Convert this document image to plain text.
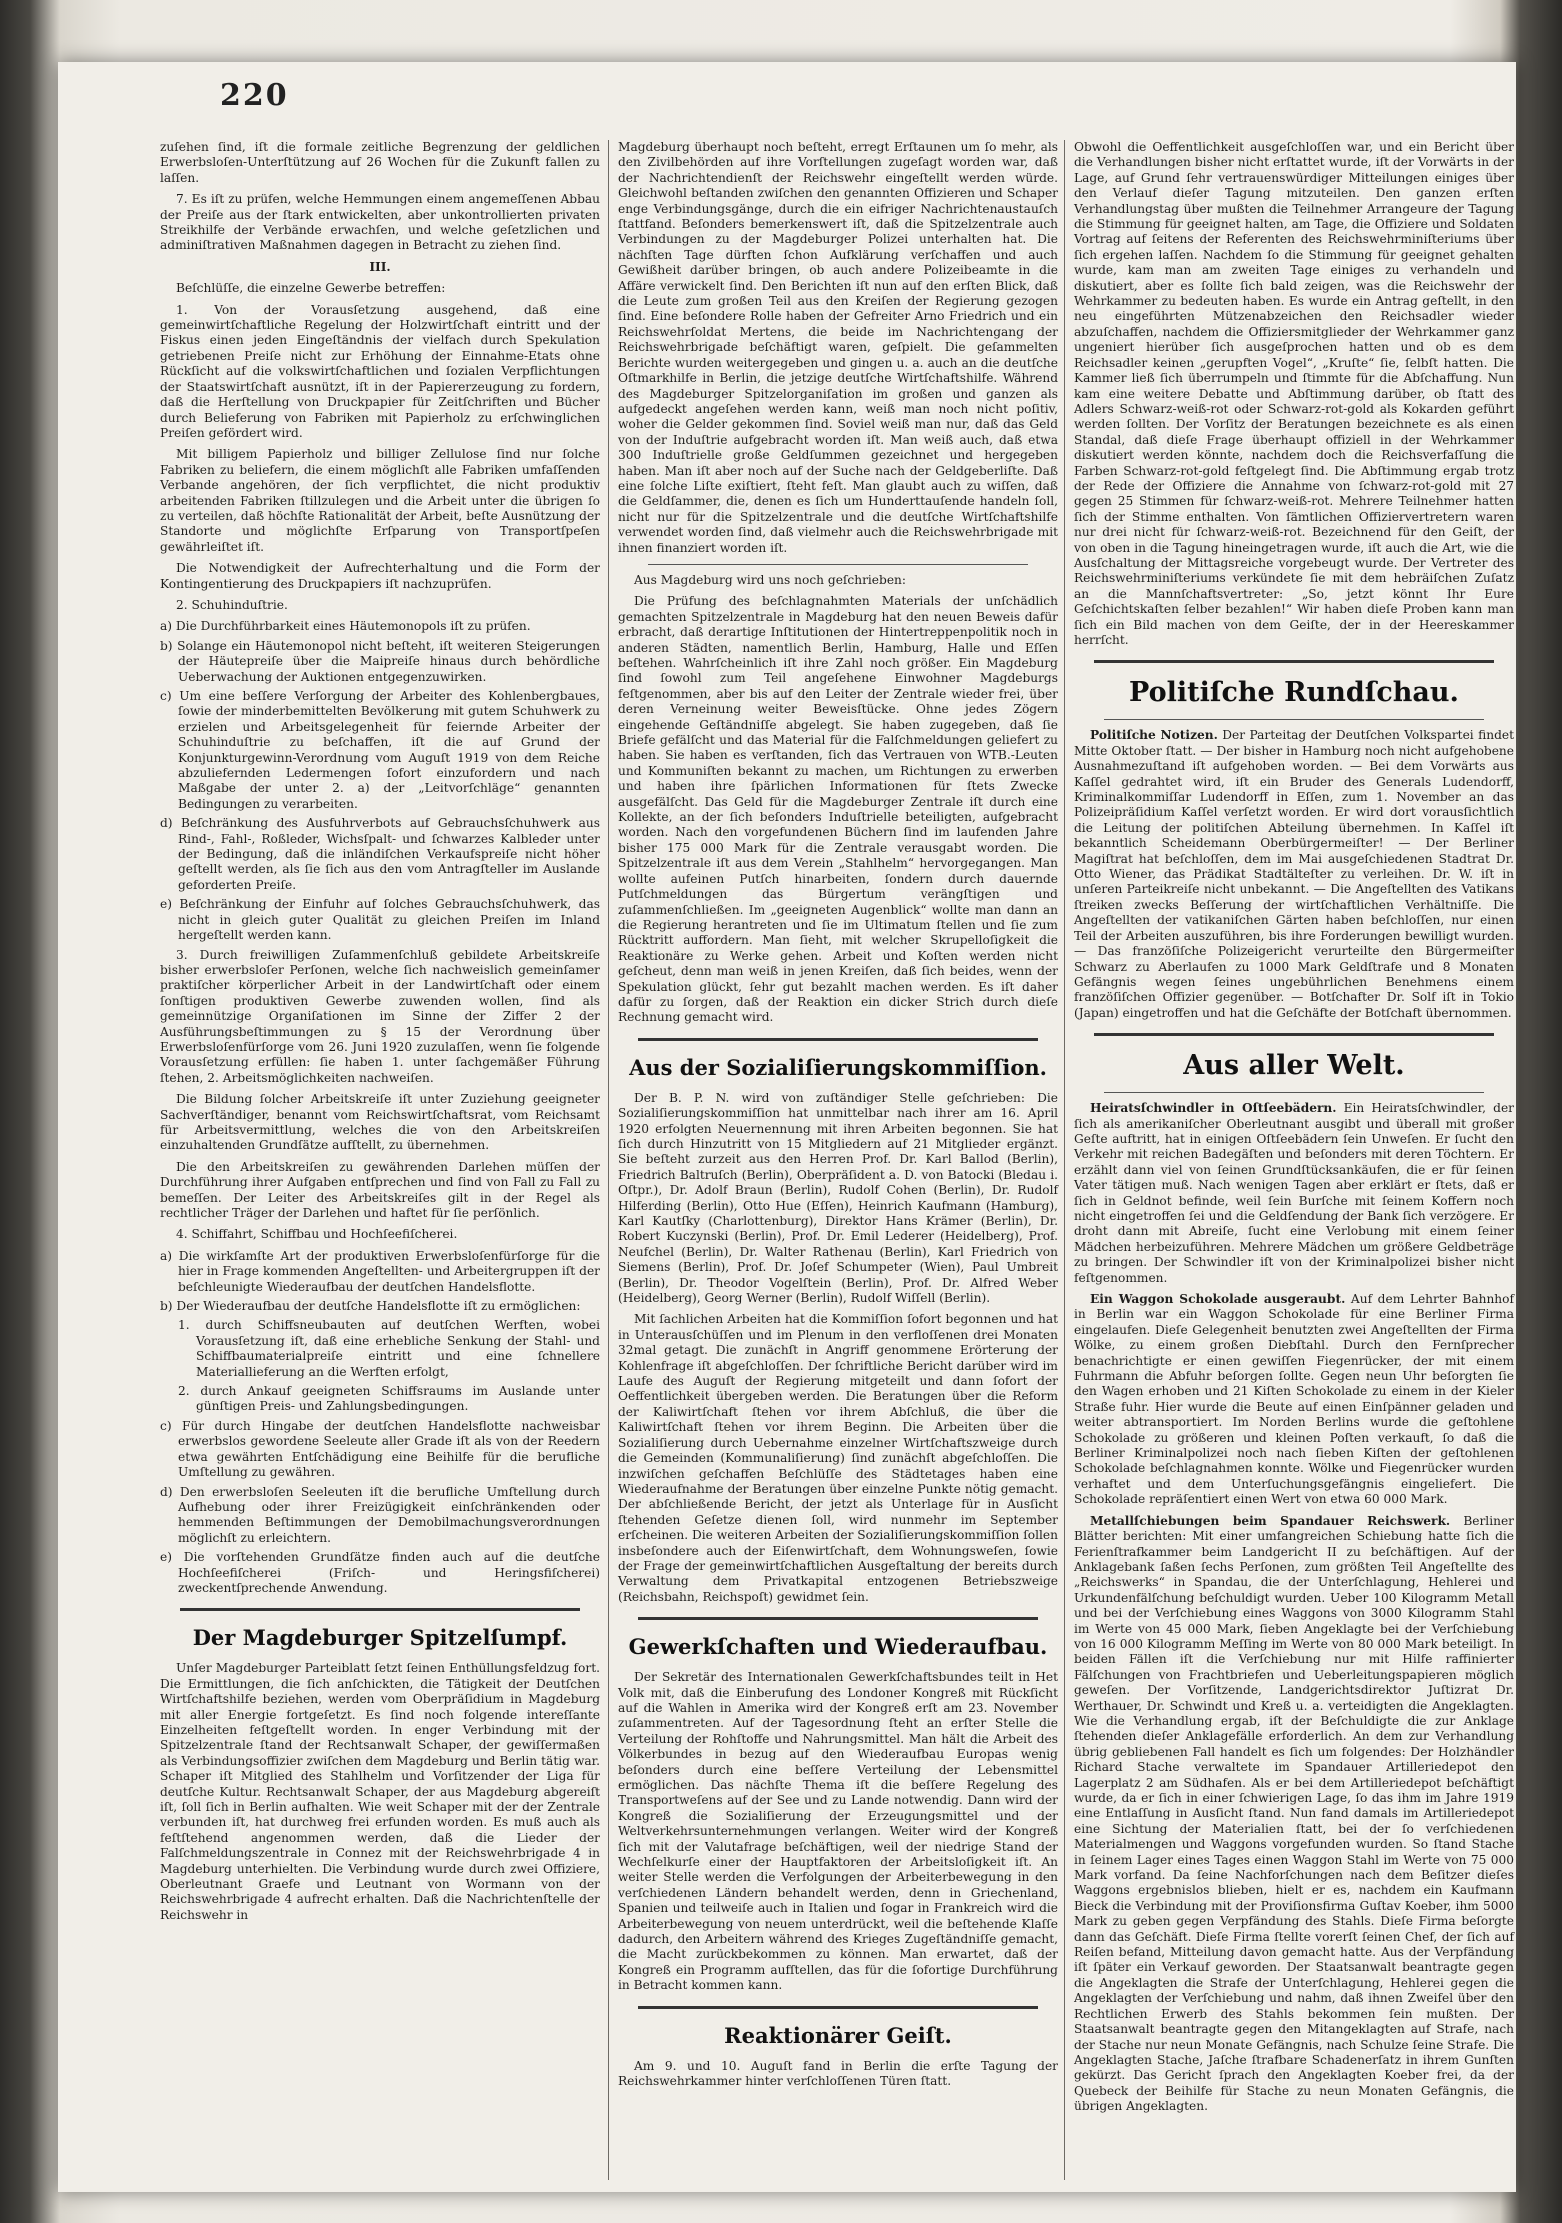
220

zuſehen ſind, iſt die formale zeitliche Begrenzung der geldlichen Erwerbsloſen-Unterſtützung auf 26 Wochen für die Zukunft fallen zu laſſen.

7. Es iſt zu prüfen, welche Hemmungen einem angemeſſenen Abbau der Preiſe aus der ſtark entwickelten, aber unkontrollierten privaten Streikhilfe der Verbände erwachſen, und welche geſetzlichen und adminiſtrativen Maßnahmen dagegen in Betracht zu ziehen ſind.

III.

Beſchlüſſe, die einzelne Gewerbe betreffen:

1. Von der Vorausſetzung ausgehend, daß eine gemeinwirtſchaftliche Regelung der Holzwirtſchaft eintritt und der Fiskus einen jeden Eingeſtändnis der vielfach durch Spekulation getriebenen Preiſe nicht zur Erhöhung der Einnahme-Etats ohne Rückſicht auf die volkswirtſchaftlichen und ſozialen Verpflichtungen der Staatswirtſchaft ausnützt, iſt in der Papiererzeugung zu fordern, daß die Herſtellung von Druckpapier für Zeitſchriften und Bücher durch Belieferung von Fabriken mit Papierholz zu erſchwinglichen Preiſen gefördert wird.

Mit billigem Papierholz und billiger Zellulose ſind nur ſolche Fabriken zu beliefern, die einem möglichſt alle Fabriken umfaſſenden Verbande angehören, der ſich verpflichtet, die nicht produktiv arbeitenden Fabriken ſtillzulegen und die Arbeit unter die übrigen ſo zu verteilen, daß höchſte Rationalität der Arbeit, beſte Ausnützung der Standorte und möglichſte Erſparung von Transportſpeſen gewährleiſtet iſt.

Die Notwendigkeit der Aufrechterhaltung und die Form der Kontingentierung des Druckpapiers iſt nachzuprüfen.

2. Schuhinduſtrie.

a) Die Durchführbarkeit eines Häutemonopols iſt zu prüfen.

b) Solange ein Häutemonopol nicht beſteht, iſt weiteren Steigerungen der Häutepreiſe über die Maipreiſe hinaus durch behördliche Ueberwachung der Auktionen entgegenzuwirken.

c) Um eine beſſere Verſorgung der Arbeiter des Kohlenbergbaues, ſowie der minderbemittelten Bevölkerung mit gutem Schuhwerk zu erzielen und Arbeitsgelegenheit für feiernde Arbeiter der Schuhinduſtrie zu beſchaffen, iſt die auf Grund der Konjunkturgewinn-Verordnung vom Auguſt 1919 von dem Reiche abzuliefernden Ledermengen ſofort einzufordern und nach Maßgabe der unter 2. a) der „Leitvorſchläge“ genannten Bedingungen zu verarbeiten.

d) Beſchränkung des Ausfuhrverbots auf Gebrauchsſchuhwerk aus Rind-, Fahl-, Roßleder, Wichsſpalt- und ſchwarzes Kalbleder unter der Bedingung, daß die inländiſchen Verkaufspreiſe nicht höher geſtellt werden, als ſie ſich aus den vom Antragſteller im Auslande geforderten Preiſe.

e) Beſchränkung der Einfuhr auf ſolches Gebrauchsſchuhwerk, das nicht in gleich guter Qualität zu gleichen Preiſen im Inland hergeſtellt werden kann.

3. Durch freiwilligen Zuſammenſchluß gebildete Arbeitskreiſe bisher erwerbsloſer Perſonen, welche ſich nachweislich gemeinſamer praktiſcher körperlicher Arbeit in der Landwirtſchaft oder einem ſonſtigen produktiven Gewerbe zuwenden wollen, ſind als gemeinnützige Organiſationen im Sinne der Ziffer 2 der Ausführungsbeſtimmungen zu § 15 der Verordnung über Erwerbsloſenfürſorge vom 26. Juni 1920 zuzulaſſen, wenn ſie folgende Vorausſetzung erfüllen: ſie haben 1. unter ſachgemäßer Führung ſtehen, 2. Arbeitsmöglichkeiten nachweiſen.

Die Bildung ſolcher Arbeitskreiſe iſt unter Zuziehung geeigneter Sachverſtändiger, benannt vom Reichswirtſchaftsrat, vom Reichsamt für Arbeitsvermittlung, welches die von den Arbeitskreiſen einzuhaltenden Grundſätze aufſtellt, zu übernehmen.

Die den Arbeitskreiſen zu gewährenden Darlehen müſſen der Durchführung ihrer Aufgaben entſprechen und ſind von Fall zu Fall zu bemeſſen. Der Leiter des Arbeitskreiſes gilt in der Regel als rechtlicher Träger der Darlehen und haftet für ſie perſönlich.

4. Schiffahrt, Schiffbau und Hochſeefiſcherei.

a) Die wirkſamſte Art der produktiven Erwerbsloſenfürſorge für die hier in Frage kommenden Angeſtellten- und Arbeitergruppen iſt der beſchleunigte Wiederaufbau der deutſchen Handelsflotte.

b) Der Wiederaufbau der deutſche Handelsflotte iſt zu ermöglichen:

1. durch Schiffsneubauten auf deutſchen Werften, wobei Vorausſetzung iſt, daß eine erhebliche Senkung der Stahl- und Schiffbaumaterialpreiſe eintritt und eine ſchnellere Materiallieferung an die Werften erfolgt,

2. durch Ankauf geeigneten Schiffsraums im Auslande unter günſtigen Preis- und Zahlungsbedingungen.

c) Für durch Hingabe der deutſchen Handelsflotte nachweisbar erwerbslos gewordene Seeleute aller Grade iſt als von der Reedern etwa gewährten Entſchädigung eine Beihilfe für die berufliche Umſtellung zu gewähren.

d) Den erwerbsloſen Seeleuten iſt die berufliche Umſtellung durch Aufhebung oder ihrer Freizügigkeit einſchränkenden oder hemmenden Beſtimmungen der Demobilmachungsverordnungen möglichſt zu erleichtern.

e) Die vorſtehenden Grundſätze finden auch auf die deutſche Hochſeefiſcherei (Friſch- und Heringsfiſcherei) zweckentſprechende Anwendung.

Der Magdeburger Spitzelſumpf.

Unſer Magdeburger Parteiblatt ſetzt ſeinen Enthüllungsfeldzug fort. Die Ermittlungen, die ſich anſchickten, die Tätigkeit der Deutſchen Wirtſchaftshilfe beziehen, werden vom Oberpräſidium in Magdeburg mit aller Energie fortgeſetzt. Es ſind noch folgende intereſſante Einzelheiten feſtgeſtellt worden. In enger Verbindung mit der Spitzelzentrale ſtand der Rechtsanwalt Schaper, der gewiſſermaßen als Verbindungsoffizier zwiſchen dem Magdeburg und Berlin tätig war. Schaper iſt Mitglied des Stahlhelm und Vorſitzender der Liga für deutſche Kultur. Rechtsanwalt Schaper, der aus Magdeburg abgereiſt iſt, ſoll ſich in Berlin aufhalten. Wie weit Schaper mit der der Zentrale verbunden iſt, hat durchweg frei erfunden worden. Es muß auch als feſtſtehend angenommen werden, daß die Lieder der Falſchmeldungszentrale in Connez mit der Reichswehrbrigade 4 in Magdeburg unterhielten. Die Verbindung wurde durch zwei Offiziere, Oberleutnant Graefe und Leutnant von Wormann von der Reichswehrbrigade 4 aufrecht erhalten. Daß die Nachrichtenſtelle der Reichswehr in

Magdeburg überhaupt noch beſteht, erregt Erſtaunen um ſo mehr, als den Zivilbehörden auf ihre Vorſtellungen zugeſagt worden war, daß der Nachrichtendienſt der Reichswehr eingeſtellt werden würde. Gleichwohl beſtanden zwiſchen den genannten Offizieren und Schaper enge Verbindungsgänge, durch die ein eifriger Nachrichtenaustauſch ſtattfand. Beſonders bemerkenswert iſt, daß die Spitzelzentrale auch Verbindungen zu der Magdeburger Polizei unterhalten hat. Die nächſten Tage dürften ſchon Aufklärung verſchaffen und auch Gewißheit darüber bringen, ob auch andere Polizeibeamte in die Affäre verwickelt ſind. Den Berichten iſt nun auf den erſten Blick, daß die Leute zum großen Teil aus den Kreiſen der Regierung gezogen ſind. Eine beſondere Rolle haben der Gefreiter Arno Friedrich und ein Reichswehrſoldat Mertens, die beide im Nachrichtengang der Reichswehrbrigade beſchäftigt waren, geſpielt. Die geſammelten Berichte wurden weitergegeben und gingen u. a. auch an die deutſche Oſtmarkhilfe in Berlin, die jetzige deutſche Wirtſchaftshilfe. Während des Magdeburger Spitzelorganiſation im großen und ganzen als aufgedeckt angeſehen werden kann, weiß man noch nicht poſitiv, woher die Gelder gekommen ſind. Soviel weiß man nur, daß das Geld von der Induſtrie aufgebracht worden iſt. Man weiß auch, daß etwa 300 Induſtrielle große Geldſummen gezeichnet und hergegeben haben. Man iſt aber noch auf der Suche nach der Geldgeberliſte. Daß eine ſolche Liſte exiſtiert, ſteht feſt. Man glaubt auch zu wiſſen, daß die Geldſammer, die, denen es ſich um Hunderttauſende handeln ſoll, nicht nur für die Spitzelzentrale und die deutſche Wirtſchaftshilfe verwendet worden ſind, daß vielmehr auch die Reichswehrbrigade mit ihnen finanziert worden iſt.

Aus Magdeburg wird uns noch geſchrieben:

Die Prüfung des beſchlagnahmten Materials der unſchädlich gemachten Spitzelzentrale in Magdeburg hat den neuen Beweis dafür erbracht, daß derartige Inſtitutionen der Hintertreppenpolitik noch in anderen Städten, namentlich Berlin, Hamburg, Halle und Eſſen beſtehen. Wahrſcheinlich iſt ihre Zahl noch größer. Ein Magdeburg ſind ſowohl zum Teil angeſehene Einwohner Magdeburgs feſtgenommen, aber bis auf den Leiter der Zentrale wieder frei, über deren Verneinung weiter Beweisſtücke. Ohne jedes Zögern eingehende Geſtändniſſe abgelegt. Sie haben zugegeben, daß ſie Briefe gefälſcht und das Material für die Falſchmeldungen geliefert zu haben. Sie haben es verſtanden, ſich das Vertrauen von WTB.-Leuten und Kommuniſten bekannt zu machen, um Richtungen zu erwerben und haben ihre ſpärlichen Informationen für ſtets Zwecke ausgefälſcht. Das Geld für die Magdeburger Zentrale iſt durch eine Kollekte, an der ſich beſonders Induſtrielle beteiligten, aufgebracht worden. Nach den vorgefundenen Büchern ſind im laufenden Jahre bisher 175 000 Mark für die Zentrale verausgabt worden. Die Spitzelzentrale iſt aus dem Verein „Stahlhelm“ hervorgegangen. Man wollte aufeinen Putſch hinarbeiten, ſondern durch dauernde Putſchmeldungen das Bürgertum verängſtigen und zuſammenſchließen. Im „geeigneten Augenblick“ wollte man dann an die Regierung herantreten und ſie im Ultimatum ſtellen und ſie zum Rücktritt auffordern. Man ſieht, mit welcher Skrupelloſigkeit die Reaktionäre zu Werke gehen. Arbeit und Koſten werden nicht geſcheut, denn man weiß in jenen Kreiſen, daß ſich beides, wenn der Spekulation glückt, ſehr gut bezahlt machen werden. Es iſt daher dafür zu ſorgen, daß der Reaktion ein dicker Strich durch dieſe Rechnung gemacht wird.

Aus der Sozialiſierungskommiſſion.

Der B. P. N. wird von zuſtändiger Stelle geſchrieben: Die Sozialiſierungskommiſſion hat unmittelbar nach ihrer am 16. April 1920 erfolgten Neuernennung mit ihren Arbeiten begonnen. Sie hat ſich durch Hinzutritt von 15 Mitgliedern auf 21 Mitglieder ergänzt. Sie beſteht zurzeit aus den Herren Prof. Dr. Karl Ballod (Berlin), Friedrich Baltruſch (Berlin), Oberpräſident a. D. von Batocki (Bledau i. Oſtpr.), Dr. Adolf Braun (Berlin), Rudolf Cohen (Berlin), Dr. Rudolf Hilferding (Berlin), Otto Hue (Eſſen), Heinrich Kaufmann (Hamburg), Karl Kautſky (Charlottenburg), Direktor Hans Krämer (Berlin), Dr. Robert Kuczynski (Berlin), Prof. Dr. Emil Lederer (Heidelberg), Prof. Neufchel (Berlin), Dr. Walter Rathenau (Berlin), Karl Friedrich von Siemens (Berlin), Prof. Dr. Joſef Schumpeter (Wien), Paul Umbreit (Berlin), Dr. Theodor Vogelſtein (Berlin), Prof. Dr. Alfred Weber (Heidelberg), Georg Werner (Berlin), Rudolf Wiſſell (Berlin).

Mit ſachlichen Arbeiten hat die Kommiſſion ſofort begonnen und hat in Unterausſchüſſen und im Plenum in den verfloſſenen drei Monaten 32mal getagt. Die zunächſt in Angriff genommene Erörterung der Kohlenfrage iſt abgeſchloſſen. Der ſchriftliche Bericht darüber wird im Laufe des Auguſt der Regierung mitgeteilt und dann ſofort der Oeffentlichkeit übergeben werden. Die Beratungen über die Reform der Kaliwirtſchaft ſtehen vor ihrem Abſchluß, die über die Kaliwirtſchaft ſtehen vor ihrem Beginn. Die Arbeiten über die Sozialiſierung durch Uebernahme einzelner Wirtſchaftszweige durch die Gemeinden (Kommunaliſierung) ſind zunächſt abgeſchloſſen. Die inzwiſchen geſchaffen Beſchlüſſe des Städtetages haben eine Wiederaufnahme der Beratungen über einzelne Punkte nötig gemacht. Der abſchließende Bericht, der jetzt als Unterlage für in Ausſicht ſtehenden Geſetze dienen ſoll, wird nunmehr im September erſcheinen. Die weiteren Arbeiten der Sozialiſierungskommiſſion ſollen insbeſondere auch der Eiſenwirtſchaft, dem Wohnungsweſen, ſowie der Frage der gemeinwirtſchaftlichen Ausgeſtaltung der bereits durch Verwaltung dem Privatkapital entzogenen Betriebszweige (Reichsbahn, Reichspoſt) gewidmet ſein.

Gewerkſchaften und Wiederaufbau.

Der Sekretär des Internationalen Gewerkſchaftsbundes teilt in Het Volk mit, daß die Einberufung des Londoner Kongreß mit Rückſicht auf die Wahlen in Amerika wird der Kongreß erſt am 23. November zuſammentreten. Auf der Tagesordnung ſteht an erſter Stelle die Verteilung der Rohſtoffe und Nahrungsmittel. Man hält die Arbeit des Völkerbundes in bezug auf den Wiederaufbau Europas wenig beſonders durch eine beſſere Verteilung der Lebensmittel ermöglichen. Das nächſte Thema iſt die beſſere Regelung des Transportweſens auf der See und zu Lande notwendig. Dann wird der Kongreß die Sozialiſierung der Erzeugungsmittel und der Weltverkehrsunternehmungen verlangen. Weiter wird der Kongreß ſich mit der Valutafrage beſchäftigen, weil der niedrige Stand der Wechſelkurſe einer der Hauptfaktoren der Arbeitsloſigkeit iſt. An weiter Stelle werden die Verfolgungen der Arbeiterbewegung in den verſchiedenen Ländern behandelt werden, denn in Griechenland, Spanien und teilweiſe auch in Italien und ſogar in Frankreich wird die Arbeiterbewegung von neuem unterdrückt, weil die beſtehende Klaſſe dadurch, den Arbeitern während des Krieges Zugeſtändniſſe gemacht, die Macht zurückbekommen zu können. Man erwartet, daß der Kongreß ein Programm aufſtellen, das für die ſofortige Durchführung in Betracht kommen kann.

Reaktionärer Geiſt.

Am 9. und 10. Auguſt fand in Berlin die erſte Tagung der Reichswehrkammer hinter verſchloſſenen Türen ſtatt.

Obwohl die Oeffentlichkeit ausgeſchloſſen war, und ein Bericht über die Verhandlungen bisher nicht erſtattet wurde, iſt der Vorwärts in der Lage, auf Grund ſehr vertrauenswürdiger Mitteilungen einiges über den Verlauf dieſer Tagung mitzuteilen. Den ganzen erſten Verhandlungstag über mußten die Teilnehmer Arrangeure der Tagung die Stimmung für geeignet halten, am Tage, die Offiziere und Soldaten Vortrag auf ſeitens der Referenten des Reichswehrminiſteriums über ſich ergehen laſſen. Nachdem ſo die Stimmung für geeignet gehalten wurde, kam man am zweiten Tage einiges zu verhandeln und diskutiert, aber es ſollte ſich bald zeigen, was die Reichswehr der Wehrkammer zu bedeuten haben. Es wurde ein Antrag geſtellt, in den neu eingeführten Mützenabzeichen den Reichsadler wieder abzuſchaffen, nachdem die Offiziersmitglieder der Wehrkammer ganz ungeniert hierüber ſich ausgeſprochen hatten und ob es dem Reichsadler keinen „gerupften Vogel“, „Kruſte“ ſie, ſelbſt hatten. Die Kammer ließ ſich überrumpeln und ſtimmte für die Abſchaffung. Nun kam eine weitere Debatte und Abſtimmung darüber, ob ſtatt des Adlers Schwarz-weiß-rot oder Schwarz-rot-gold als Kokarden geführt werden ſollten. Der Vorſitz der Beratungen bezeichnete es als einen Standal, daß dieſe Frage überhaupt offiziell in der Wehrkammer diskutiert werden könnte, nachdem doch die Reichsverfaſſung die Farben Schwarz-rot-gold feſtgelegt ſind. Die Abſtimmung ergab trotz der Rede der Offiziere die Annahme von ſchwarz-rot-gold mit 27 gegen 25 Stimmen für ſchwarz-weiß-rot. Mehrere Teilnehmer hatten ſich der Stimme enthalten. Von ſämtlichen Offiziervertretern waren nur drei nicht für ſchwarz-weiß-rot. Bezeichnend für den Geiſt, der von oben in die Tagung hineingetragen wurde, iſt auch die Art, wie die Ausſchaltung der Mittagsreiche vorgebeugt wurde. Der Vertreter des Reichswehrminiſteriums verkündete ſie mit dem hebräiſchen Zuſatz an die Mannſchaftsvertreter: „So, jetzt könnt Ihr Eure Geſchichtskaſten ſelber bezahlen!“ Wir haben dieſe Proben kann man ſich ein Bild machen von dem Geiſte, der in der Heereskammer herrſcht.

Politiſche Rundſchau.

Politiſche Notizen. Der Parteitag der Deutſchen Volkspartei findet Mitte Oktober ſtatt. — Der bisher in Hamburg noch nicht aufgehobene Ausnahmezuſtand iſt aufgehoben worden. — Bei dem Vorwärts aus Kaſſel gedrahtet wird, iſt ein Bruder des Generals Ludendorff, Kriminalkommiſſar Ludendorff in Eſſen, zum 1. November an das Polizeipräſidium Kaſſel verſetzt worden. Er wird dort vorausſichtlich die Leitung der politiſchen Abteilung übernehmen. In Kaſſel iſt bekanntlich Scheidemann Oberbürgermeiſter! — Der Berliner Magiſtrat hat beſchloſſen, dem im Mai ausgeſchiedenen Stadtrat Dr. Otto Wiener, das Prädikat Stadtälteſter zu verleihen. Dr. W. iſt in unſeren Parteikreiſe nicht unbekannt. — Die Angeſtellten des Vatikans ſtreiken zwecks Beſſerung der wirtſchaftlichen Verhältniſſe. Die Angeſtellten der vatikaniſchen Gärten haben beſchloſſen, nur einen Teil der Arbeiten auszuführen, bis ihre Forderungen bewilligt wurden. — Das franzöſiſche Polizeigericht verurteilte den Bürgermeiſter Schwarz zu Aberlaufen zu 1000 Mark Geldſtrafe und 8 Monaten Gefängnis wegen ſeines ungebührlichen Benehmens einem franzöſiſchen Offizier gegenüber. — Botſchafter Dr. Solf iſt in Tokio (Japan) eingetroffen und hat die Geſchäfte der Botſchaft übernommen.

Aus aller Welt.

Heiratsſchwindler in Oſtſeebädern. Ein Heiratsſchwindler, der ſich als amerikaniſcher Oberleutnant ausgibt und überall mit großer Geſte auftritt, hat in einigen Oſtſeebädern ſein Unweſen. Er ſucht den Verkehr mit reichen Badegäſten und beſonders mit deren Töchtern. Er erzählt dann viel von ſeinen Grundſtücksankäufen, die er für ſeinen Vater tätigen muß. Nach wenigen Tagen aber erklärt er ſtets, daß er ſich in Geldnot befinde, weil ſein Burſche mit ſeinem Koffern noch nicht eingetroffen ſei und die Geldſendung der Bank ſich verzögere. Er droht dann mit Abreiſe, ſucht eine Verlobung mit einem ſeiner Mädchen herbeizuführen. Mehrere Mädchen um größere Geldbeträge zu bringen. Der Schwindler iſt von der Kriminalpolizei bisher nicht feſtgenommen.

Ein Waggon Schokolade ausgeraubt. Auf dem Lehrter Bahnhof in Berlin war ein Waggon Schokolade für eine Berliner Firma eingelaufen. Dieſe Gelegenheit benutzten zwei Angeſtellten der Firma Wölke, zu einem großen Diebſtahl. Durch den Fernſprecher benachrichtigte er einen gewiſſen Fiegenrücker, der mit einem Fuhrmann die Abfuhr beſorgen ſollte. Gegen neun Uhr beſorgten ſie den Wagen erhoben und 21 Kiſten Schokolade zu einem in der Kieler Straße fuhr. Hier wurde die Beute auf einen Einſpänner geladen und weiter abtransportiert. Im Norden Berlins wurde die geſtohlene Schokolade zu größeren und kleinen Poſten verkauft, ſo daß die Berliner Kriminalpolizei noch nach ſieben Kiſten der geſtohlenen Schokolade beſchlagnahmen konnte. Wölke und Fiegenrücker wurden verhaftet und dem Unterſuchungsgefängnis eingeliefert. Die Schokolade repräſentiert einen Wert von etwa 60 000 Mark.

Metallſchiebungen beim Spandauer Reichswerk. Berliner Blätter berichten: Mit einer umfangreichen Schiebung hatte ſich die Ferienſtrafkammer beim Landgericht II zu beſchäftigen. Auf der Anklagebank ſaßen ſechs Perſonen, zum größten Teil Angeſtellte des „Reichswerks“ in Spandau, die der Unterſchlagung, Hehlerei und Urkundenfälſchung beſchuldigt wurden. Ueber 100 Kilogramm Metall und bei der Verſchiebung eines Waggons von 3000 Kilogramm Stahl im Werte von 45 000 Mark, ſieben Angeklagte bei der Verſchiebung von 16 000 Kilogramm Meſſing im Werte von 80 000 Mark beteiligt. In beiden Fällen iſt die Verſchiebung nur mit Hilfe raffinierter Fälſchungen von Frachtbriefen und Ueberleitungspapieren möglich geweſen. Der Vorſitzende, Landgerichtsdirektor Juſtizrat Dr. Werthauer, Dr. Schwindt und Kreß u. a. verteidigten die Angeklagten. Wie die Verhandlung ergab, iſt der Beſchuldigte die zur Anklage ſtehenden dieſer Anklagefälle erforderlich. An dem zur Verhandlung übrig gebliebenen Fall handelt es ſich um folgendes: Der Holzhändler Richard Stache verwaltete im Spandauer Artilleriedepot den Lagerplatz 2 am Südhafen. Als er bei dem Artilleriedepot beſchäftigt wurde, da er ſich in einer ſchwierigen Lage, ſo das ihm im Jahre 1919 eine Entlaſſung in Ausſicht ſtand. Nun fand damals im Artilleriedepot eine Sichtung der Materialien ſtatt, bei der ſo verſchiedenen Materialmengen und Waggons vorgefunden wurden. So ſtand Stache in ſeinem Lager eines Tages einen Waggon Stahl im Werte von 75 000 Mark vorfand. Da ſeine Nachforſchungen nach dem Beſitzer dieſes Waggons ergebnislos blieben, hielt er es, nachdem ein Kaufmann Bieck die Verbindung mit der Proviſionsfirma Guſtav Koeber, ihm 5000 Mark zu geben gegen Verpfändung des Stahls. Dieſe Firma beſorgte dann das Geſchäft. Dieſe Firma ſtellte vorerſt ſeinen Chef, der ſich auf Reiſen befand, Mitteilung davon gemacht hatte. Aus der Verpfändung iſt ſpäter ein Verkauf geworden. Der Staatsanwalt beantragte gegen die Angeklagten die Strafe der Unterſchlagung, Hehlerei gegen die Angeklagten der Verſchiebung und nahm, daß ihnen Zweifel über den Rechtlichen Erwerb des Stahls bekommen ſein mußten. Der Staatsanwalt beantragte gegen den Mitangeklagten auf Strafe, nach der Stache nur neun Monate Gefängnis, nach Schulze ſeine Strafe. Die Angeklagten Stache, Jaſche ſtrafbare Schadenerſatz in ihrem Gunſten gekürzt. Das Gericht ſprach den Angeklagten Koeber frei, da der Quebeck der Beihilfe für Stache zu neun Monaten Gefängnis, die übrigen Angeklagten.
